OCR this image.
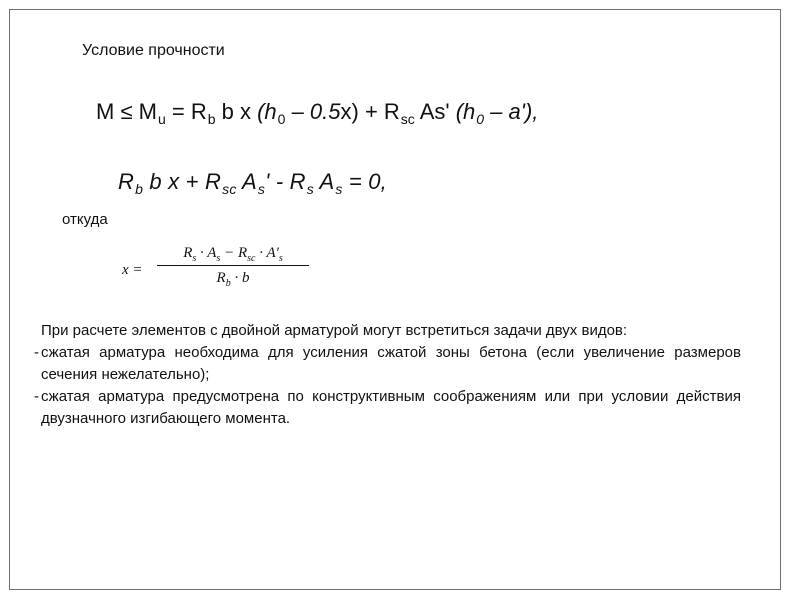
Условие прочности
$M \le M_u = R_b$ b x $(h_0 - 0.5x) + R_{sc}$ As' $(h_0 - a')$,
$R_b$ b $x + R_{sc}$ $A_s' - R_s$ $A_s = 0$,
откуда
x =
$R_s \cdot A_s - R_{sc} \cdot A'_s$
$R_b \cdot b$

При расчете элементов с двойной арматурой могут встретиться задачи двух видов:

- сжатая арматура необходима для усиления сжатой зоны бетона (если увеличение размеров сечения нежелательно);
- сжатая арматура предусмотрена по конструктивным соображениям или при условии действия двузначного изгибающего момента.
